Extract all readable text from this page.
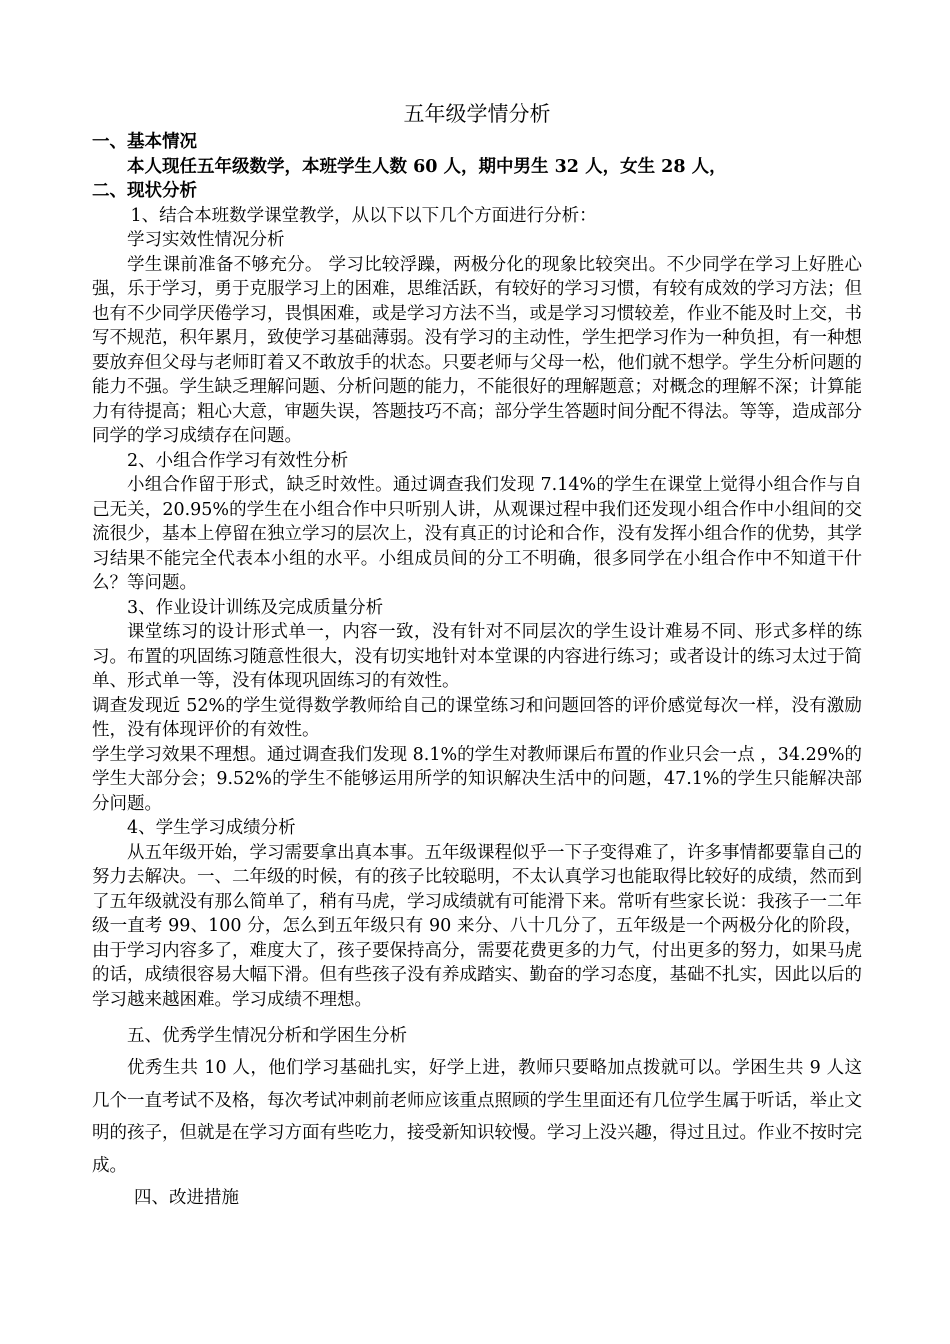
五年级学情分析
一、基本情况
本人现任五年级数学，本班学生人数 60 人，期中男生 32 人，女生 28 人，
二、现状分析

1、结合本班数学课堂教学，从以下以下几个方面进行分析：

学习实效性情况分析

学生课前准备不够充分。 学习比较浮躁，两极分化的现象比较突出。不少同学在学习上好胜心强，乐于学习，勇于克服学习上的困难，思维活跃，有较好的学习习惯，有较有成效的学习方法；但也有不少同学厌倦学习，畏惧困难，或是学习方法不当，或是学习习惯较差，作业不能及时上交，书写不规范，积年累月，致使学习基础薄弱。没有学习的主动性，学生把学习作为一种负担，有一种想要放弃但父母与老师盯着又不敢放手的状态。只要老师与父母一松，他们就不想学。学生分析问题的能力不强。学生缺乏理解问题、分析问题的能力，不能很好的理解题意；对概念的理解不深；计算能力有待提高；粗心大意，审题失误，答题技巧不高；部分学生答题时间分配不得法。等等，造成部分同学的学习成绩存在问题。

2、小组合作学习有效性分析

小组合作留于形式，缺乏时效性。通过调查我们发现 7.14%的学生在课堂上觉得小组合作与自己无关，20.95%的学生在小组合作中只听别人讲，从观课过程中我们还发现小组合作中小组间的交流很少，基本上停留在独立学习的层次上，没有真正的讨论和合作，没有发挥小组合作的优势，其学习结果不能完全代表本小组的水平。小组成员间的分工不明确，很多同学在小组合作中不知道干什么？等问题。

3、作业设计训练及完成质量分析

课堂练习的设计形式单一，内容一致，没有针对不同层次的学生设计难易不同、形式多样的练习。布置的巩固练习随意性很大，没有切实地针对本堂课的内容进行练习；或者设计的练习太过于简单、形式单一等，没有体现巩固练习的有效性。

调查发现近 52%的学生觉得数学教师给自己的课堂练习和问题回答的评价感觉每次一样，没有激励性，没有体现评价的有效性。

学生学习效果不理想。通过调查我们发现 8.1%的学生对教师课后布置的作业只会一点 ，34.29%的学生大部分会；9.52%的学生不能够运用所学的知识解决生活中的问题，47.1%的学生只能解决部分问题。

4、学生学习成绩分析

从五年级开始，学习需要拿出真本事。五年级课程似乎一下子变得难了，许多事情都要靠自己的努力去解决。一、二年级的时候，有的孩子比较聪明，不太认真学习也能取得比较好的成绩，然而到了五年级就没有那么简单了，稍有马虎，学习成绩就有可能滑下来。常听有些家长说：我孩子一二年级一直考 99、100 分，怎么到五年级只有 90 来分、八十几分了，五年级是一个两极分化的阶段，由于学习内容多了，难度大了，孩子要保持高分，需要花费更多的力气，付出更多的努力，如果马虎的话，成绩很容易大幅下滑。但有些孩子没有养成踏实、勤奋的学习态度，基础不扎实，因此以后的学习越来越困难。学习成绩不理想。

五、优秀学生情况分析和学困生分析

优秀生共 10 人，他们学习基础扎实，好学上进，教师只要略加点拨就可以。学困生共 9 人这几个一直考试不及格，每次考试冲刺前老师应该重点照顾的学生里面还有几位学生属于听话，举止文明的孩子，但就是在学习方面有些吃力，接受新知识较慢。学习上没兴趣，得过且过。作业不按时完成。

四、改进措施
